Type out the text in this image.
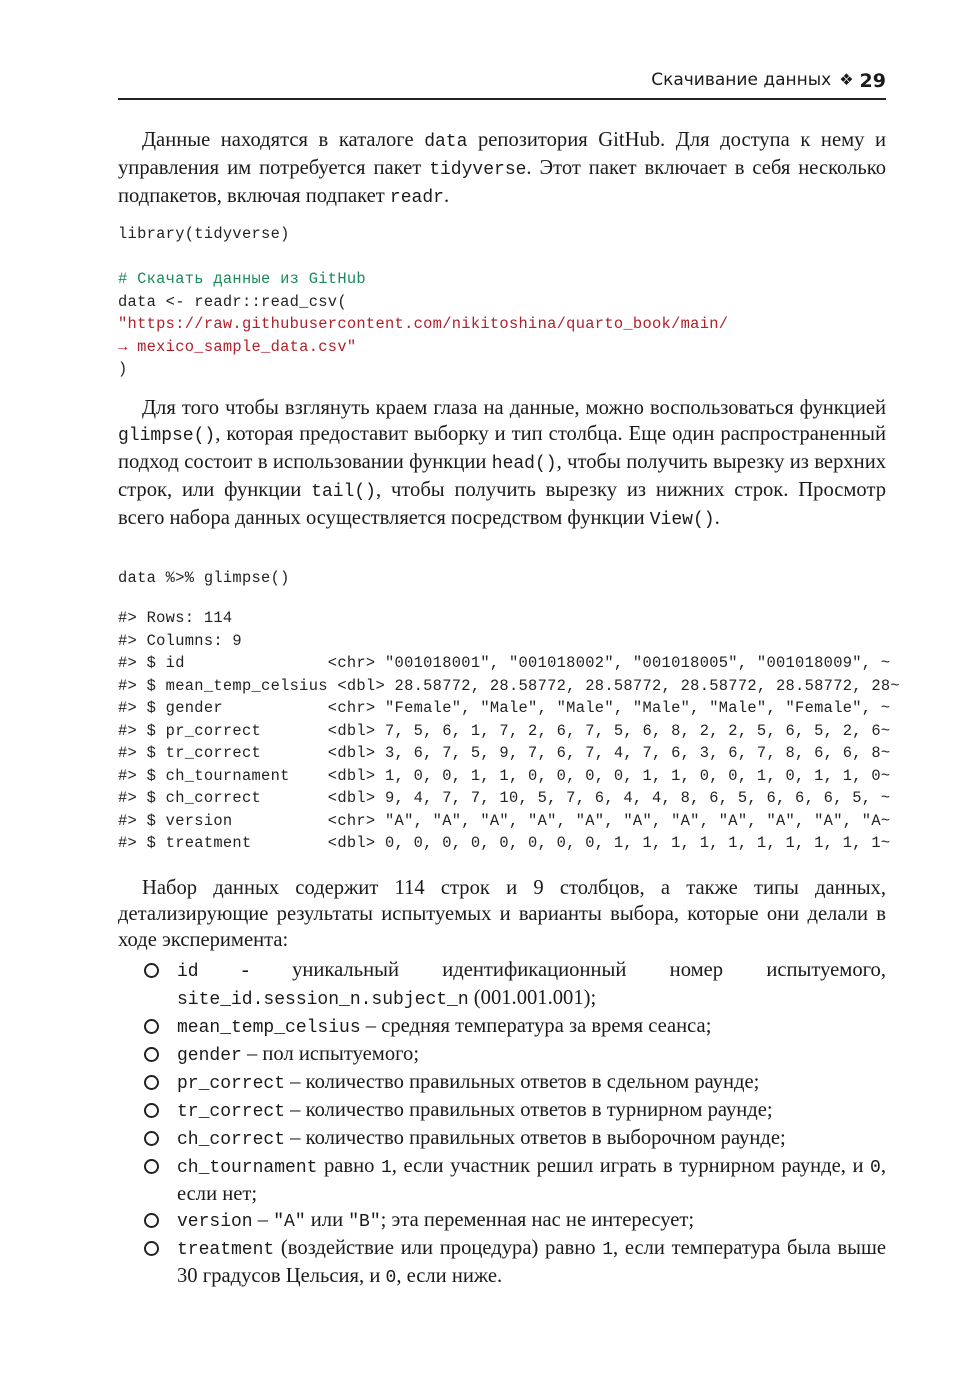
Скачивание данных ❖ 29

Данные находятся в каталоге data репозитория GitHub. Для доступа к нему и управления им потребуется пакет tidyverse. Этот пакет включает в себя несколько подпакетов, включая подпакет readr.

library(tidyverse)
# Скачать данные из GitHub
data <- readr::read_csv(
"https://raw.githubusercontent.com/nikitoshina/quarto_book/main/
→ mexico_sample_data.csv"
)

Для того чтобы взглянуть краем глаза на данные, можно воспользоваться функцией glimpse(), которая предоставит выборку и тип столбца. Еще один распространенный подход состоит в использовании функции head(), чтобы получить вырезку из верхних строк, или функции tail(), чтобы получить вырезку из нижних строк. Просмотр всего набора данных осуществляется посредством функции View().

data %>% glimpse()
#> Rows: 114
#> Columns: 9
#> $ id               <chr> "001018001", "001018002", "001018005", "001018009", ~
#> $ mean_temp_celsius <dbl> 28.58772, 28.58772, 28.58772, 28.58772, 28.58772, 28~
#> $ gender           <chr> "Female", "Male", "Male", "Male", "Male", "Female", ~
#> $ pr_correct       <dbl> 7, 5, 6, 1, 7, 2, 6, 7, 5, 6, 8, 2, 2, 5, 6, 5, 2, 6~
#> $ tr_correct       <dbl> 3, 6, 7, 5, 9, 7, 6, 7, 4, 7, 6, 3, 6, 7, 8, 6, 6, 8~
#> $ ch_tournament    <dbl> 1, 0, 0, 1, 1, 0, 0, 0, 0, 1, 1, 0, 0, 1, 0, 1, 1, 0~
#> $ ch_correct       <dbl> 9, 4, 7, 7, 10, 5, 7, 6, 4, 4, 8, 6, 5, 6, 6, 6, 5, ~
#> $ version          <chr> "A", "A", "A", "A", "A", "A", "A", "A", "A", "A", "A~
#> $ treatment        <dbl> 0, 0, 0, 0, 0, 0, 0, 0, 1, 1, 1, 1, 1, 1, 1, 1, 1, 1~

Набор данных содержит 114 строк и 9 столбцов, а также типы данных, детализирующие результаты испытуемых и варианты выбора, которые они делали в ходе эксперимента:

id - уникальный идентификационный номер испытуемого, site_id.session_n.subject_n (001.001.001);
mean_temp_celsius – средняя температура за время сеанса;
gender – пол испытуемого;
pr_correct – количество правильных ответов в сдельном раунде;
tr_correct – количество правильных ответов в турнирном раунде;
ch_correct – количество правильных ответов в выборочном раунде;
ch_tournament равно 1, если участник решил играть в турнирном раунде, и 0, если нет;
version – "A" или "B"; эта переменная нас не интересует;
treatment (воздействие или процедура) равно 1, если температура была выше 30 градусов Цельсия, и 0, если ниже.
